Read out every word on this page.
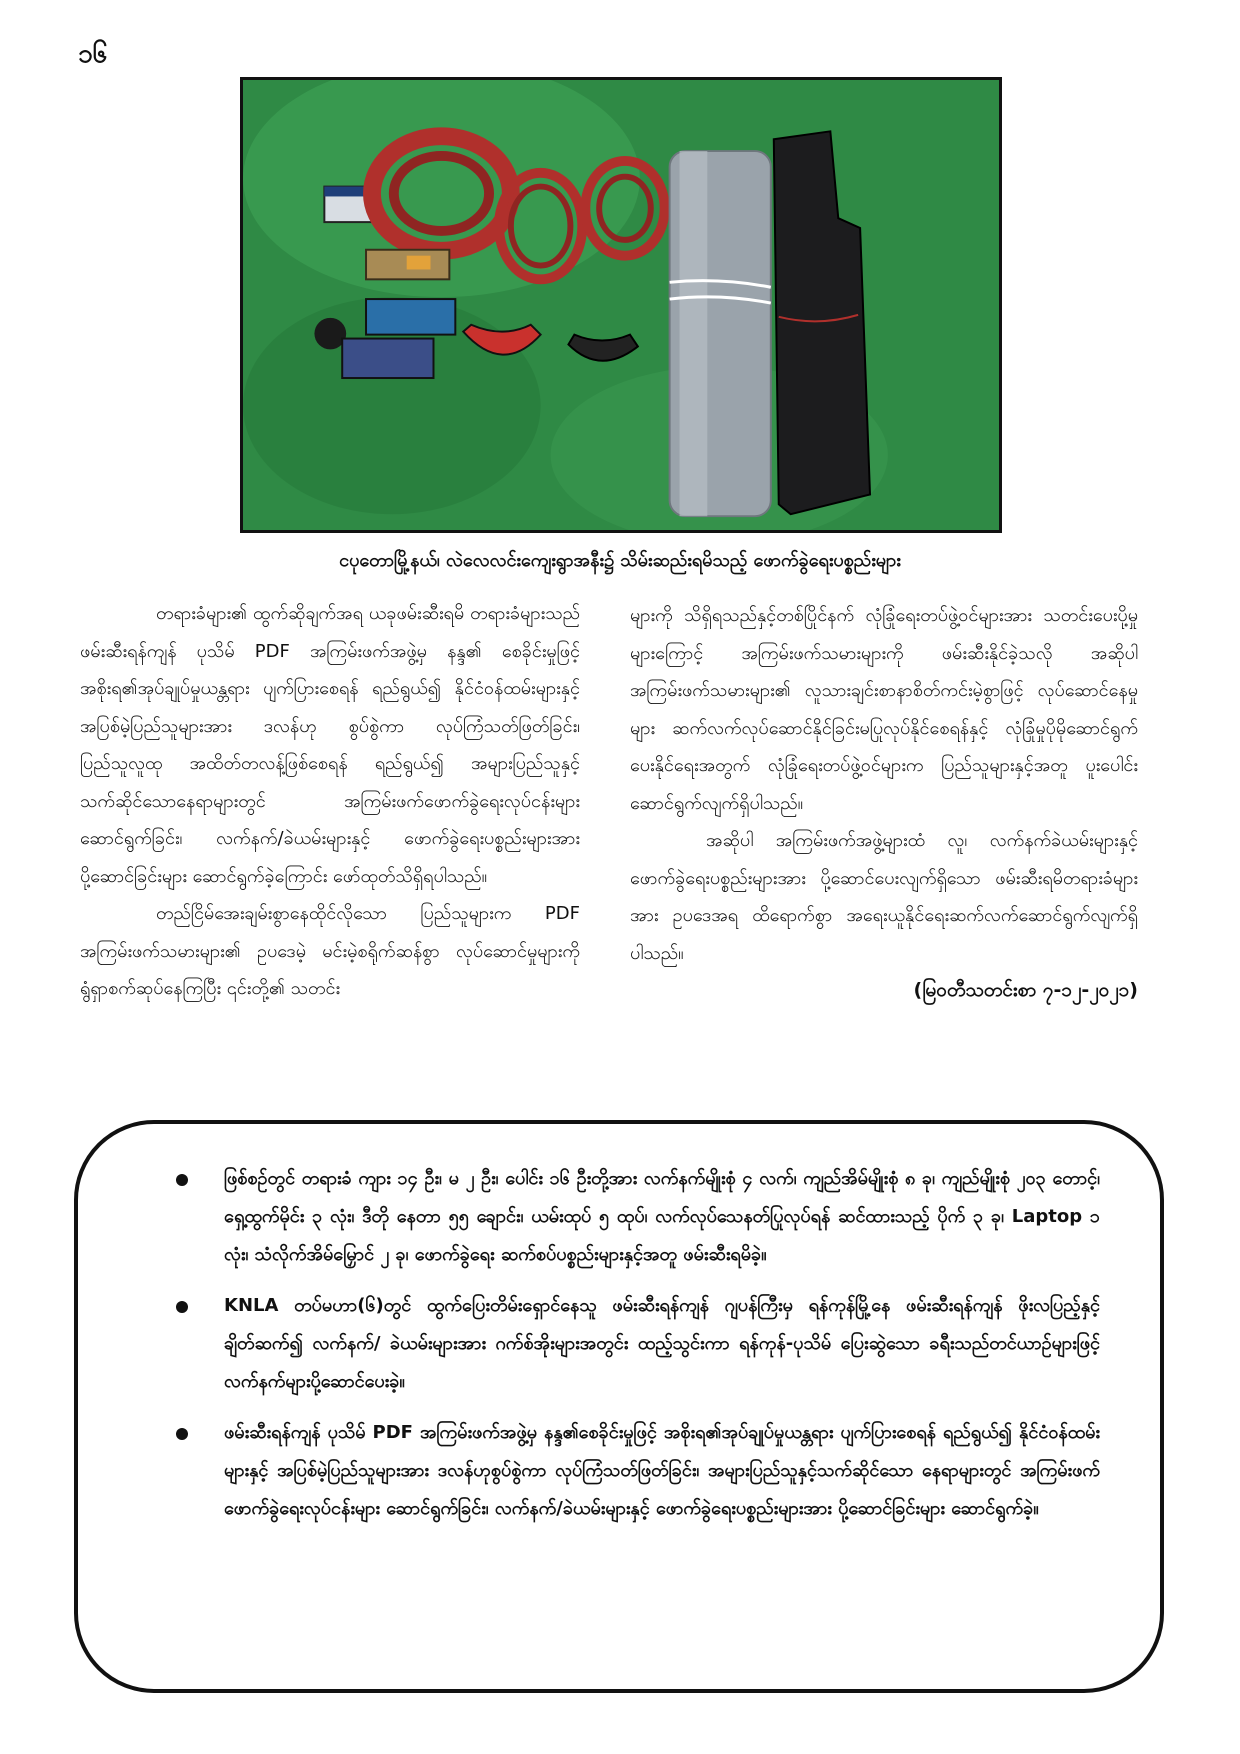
၁၆
ငပုတောမြို့နယ်၊ လဲလေလင်းကျေးရွာအနီး၌ သိမ်းဆည်းရမိသည့် ဖောက်ခွဲရေးပစ္စည်းများ

တရားခံများ၏ ထွက်ဆိုချက်အရ ယခုဖမ်းဆီးရမိ တရားခံများသည် ဖမ်းဆီးရန်ကျန် ပုသိမ် PDF အကြမ်းဖက်အဖွဲ့မှ နန္ဒ၏ စေခိုင်းမှုဖြင့် အစိုးရ၏အုပ်ချုပ်မှုယန္တရား ပျက်ပြားစေရန် ရည်ရွယ်၍ နိုင်ငံဝန်ထမ်းများနှင့် အပြစ်မဲ့ပြည်သူများအား ဒလန်ဟု စွပ်စွဲကာ လုပ်ကြံသတ်ဖြတ်ခြင်း၊ ပြည်သူလူထု အထိတ်တလန့်ဖြစ်စေရန် ရည်ရွယ်၍ အများပြည်သူနှင့် သက်ဆိုင်သောနေရာများတွင် အကြမ်းဖက်ဖောက်ခွဲရေးလုပ်ငန်းများ ဆောင်ရွက်ခြင်း၊ လက်နက်/ခဲယမ်းများနှင့် ဖောက်ခွဲရေးပစ္စည်းများအား ပို့ဆောင်ခြင်းများ ဆောင်ရွက်ခဲ့ကြောင်း ဖော်ထုတ်သိရှိရပါသည်။

တည်ငြိမ်အေးချမ်းစွာနေထိုင်လိုသော ပြည်သူများက PDF အကြမ်းဖက်သမားများ၏ ဥပဒေမဲ့ မင်းမဲ့စရိုက်ဆန်စွာ လုပ်ဆောင်မှုများကို ရွံရှာစက်ဆုပ်နေကြပြီး ၎င်းတို့၏ သတင်း

များကို သိရှိရသည်နှင့်တစ်ပြိုင်နက် လုံခြုံရေးတပ်ဖွဲ့ဝင်များအား သတင်းပေးပို့မှုများကြောင့် အကြမ်းဖက်သမားများကို ဖမ်းဆီးနိုင်ခဲ့သလို အဆိုပါအကြမ်းဖက်သမားများ၏ လူသားချင်းစာနာစိတ်ကင်းမဲ့စွာဖြင့် လုပ်ဆောင်နေမှုများ ဆက်လက်လုပ်ဆောင်နိုင်ခြင်းမပြုလုပ်နိုင်စေရန်နှင့် လုံခြုံမှုပိုမိုဆောင်ရွက်ပေးနိုင်ရေးအတွက် လုံခြုံရေးတပ်ဖွဲ့ဝင်များက ပြည်သူများနှင့်အတူ ပူးပေါင်းဆောင်ရွက်လျက်ရှိပါသည်။

အဆိုပါ အကြမ်းဖက်အဖွဲ့များထံ လူ၊ လက်နက်ခဲယမ်းများနှင့် ဖောက်ခွဲရေးပစ္စည်းများအား ပို့ဆောင်ပေးလျက်ရှိသော ဖမ်းဆီးရမိတရားခံများအား ဥပဒေအရ ထိရောက်စွာ အရေးယူနိုင်ရေးဆက်လက်ဆောင်ရွက်လျက်ရှိပါသည်။

(မြဝတီသတင်းစာ ၇-၁၂-၂၀၂၁)

ဖြစ်စဉ်တွင် တရားခံ ကျား ၁၄ ဦး၊ မ ၂ ဦး၊ ပေါင်း ၁၆ ဦးတို့အား လက်နက်မျိုးစုံ ၄ လက်၊ ကျည်အိမ်မျိုးစုံ ၈ ခု၊ ကျည်မျိုးစုံ ၂၀၃ တောင့်၊ ရှေ့ထွက်မိုင်း ၃ လုံး၊ ဒီတို နေတာ ၅၅ ချောင်း၊ ယမ်းထုပ် ၅ ထုပ်၊ လက်လုပ်သေနတ်ပြုလုပ်ရန် ဆင်ထားသည့် ပိုက် ၃ ခု၊ Laptop ၁ လုံး၊ သံလိုက်အိမ်မြှောင် ၂ ခု၊ ဖောက်ခွဲရေး ဆက်စပ်ပစ္စည်းများနှင့်အတူ ဖမ်းဆီးရမိခဲ့။
KNLA တပ်မဟာ(၆)တွင် ထွက်ပြေးတိမ်းရှောင်နေသူ ဖမ်းဆီးရန်ကျန် ဂျပန်ကြီးမှ ရန်ကုန်မြို့နေ ဖမ်းဆီးရန်ကျန် ဖိုးလပြည့်နှင့် ချိတ်ဆက်၍ လက်နက်/ ခဲယမ်းများအား ဂက်စ်အိုးများအတွင်း ထည့်သွင်းကာ ရန်ကုန်-ပုသိမ် ပြေးဆွဲသော ခရီးသည်တင်ယာဉ်များဖြင့် လက်နက်များပို့ဆောင်ပေးခဲ့။
ဖမ်းဆီးရန်ကျန် ပုသိမ် PDF အကြမ်းဖက်အဖွဲ့မှ နန္ဒ၏စေခိုင်းမှုဖြင့် အစိုးရ၏အုပ်ချုပ်မှုယန္တရား ပျက်ပြားစေရန် ရည်ရွယ်၍ နိုင်ငံဝန်ထမ်းများနှင့် အပြစ်မဲ့ပြည်သူများအား ဒလန်ဟုစွပ်စွဲကာ လုပ်ကြံသတ်ဖြတ်ခြင်း၊ အများပြည်သူနှင့်သက်ဆိုင်သော နေရာများတွင် အကြမ်းဖက်ဖောက်ခွဲရေးလုပ်ငန်းများ ဆောင်ရွက်ခြင်း၊ လက်နက်/ခဲယမ်းများနှင့် ဖောက်ခွဲရေးပစ္စည်းများအား ပို့ဆောင်ခြင်းများ ဆောင်ရွက်ခဲ့။
